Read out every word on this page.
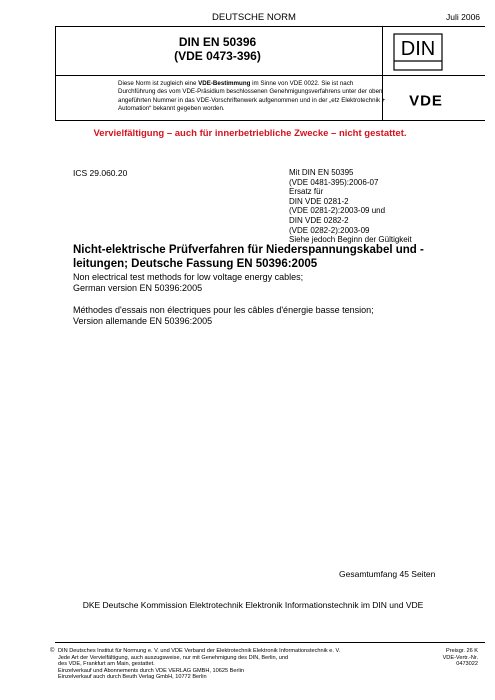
DEUTSCHE NORM	Juli 2006
DIN EN 50396
(VDE 0473-396)	DIN
VDE
Diese Norm ist zugleich eine VDE-Bestimmung im Sinne von VDE 0022. Sie ist nach Durchführung des vom VDE-Präsidium beschlossenen Genehmigungsverfahrens unter der oben angeführten Nummer in das VDE-Vorschriftenwerk aufgenommen und in der „etz Elektrotechnik + Automation“ bekannt gegeben worden.
Vervielfältigung – auch für innerbetriebliche Zwecke – nicht gestattet.
ICS 29.060.20	Mit DIN EN 50395
(VDE 0481-395):2006-07
Ersatz für
DIN VDE 0281-2
(VDE 0281-2):2003-09 und
DIN VDE 0282-2
(VDE 0282-2):2003-09
Siehe jedoch Beginn der Gültigkeit
Nicht-elektrische Prüfverfahren für Niederspannungskabel und -leitungen; Deutsche Fassung EN 50396:2005
Non electrical test methods for low voltage energy cables;
German version EN 50396:2005
Méthodes d'essais non électriques pour les câbles d'énergie basse tension;
Version allemande EN 50396:2005
Gesamtumfang 45 Seiten
DKE Deutsche Kommission Elektrotechnik Elektronik Informationstechnik im DIN und VDE
© DIN Deutsches Institut für Normung e. V. und VDE Verband der Elektrotechnik Elektronik Informationstechnik e. V.
Jede Art der Vervielfältigung, auch auszugsweise, nur mit Genehmigung des DIN, Berlin, und
des VDE, Frankfurt am Main, gestattet.
Einzelverkauf und Abonnements durch VDE VERLAG GMBH, 10625 Berlin
Einzelverkauf auch durch Beuth Verlag GmbH, 10772 Berlin
Preisgr. 26 K
VDE-Vertr.-Nr. 0473022
